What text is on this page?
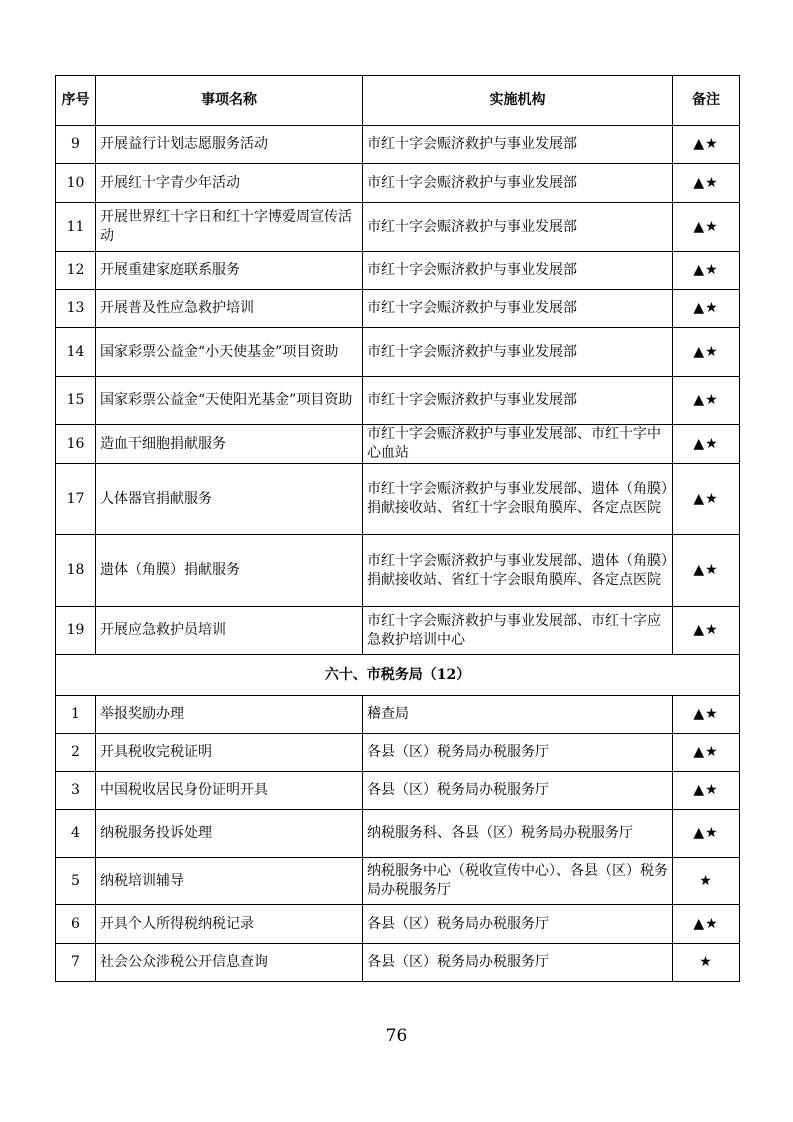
序号	事项名称	实施机构	备注
9	开展益行计划志愿服务活动	市红十字会赈济救护与事业发展部	▲★
10	开展红十字青少年活动	市红十字会赈济救护与事业发展部	▲★
11	开展世界红十字日和红十字博爱周宣传活动	市红十字会赈济救护与事业发展部	▲★
12	开展重建家庭联系服务	市红十字会赈济救护与事业发展部	▲★
13	开展普及性应急救护培训	市红十字会赈济救护与事业发展部	▲★
14	国家彩票公益金“小天使基金”项目资助	市红十字会赈济救护与事业发展部	▲★
15	国家彩票公益金“天使阳光基金”项目资助	市红十字会赈济救护与事业发展部	▲★
16	造血干细胞捐献服务	市红十字会赈济救护与事业发展部、市红十字中心血站	▲★
17	人体器官捐献服务	市红十字会赈济救护与事业发展部、遗体（角膜）捐献接收站、省红十字会眼角膜库、各定点医院	▲★
18	遗体（角膜）捐献服务	市红十字会赈济救护与事业发展部、遗体（角膜）捐献接收站、省红十字会眼角膜库、各定点医院	▲★
19	开展应急救护员培训	市红十字会赈济救护与事业发展部、市红十字应急救护培训中心	▲★
六十、市税务局（12）			
1	举报奖励办理	稽查局	▲★
2	开具税收完税证明	各县（区）税务局办税服务厅	▲★
3	中国税收居民身份证明开具	各县（区）税务局办税服务厅	▲★
4	纳税服务投诉处理	纳税服务科、各县（区）税务局办税服务厅	▲★
5	纳税培训辅导	纳税服务中心（税收宣传中心）、各县（区）税务局办税服务厅	★
6	开具个人所得税纳税记录	各县（区）税务局办税服务厅	▲★
7	社会公众涉税公开信息查询	各县（区）税务局办税服务厅	★
76
